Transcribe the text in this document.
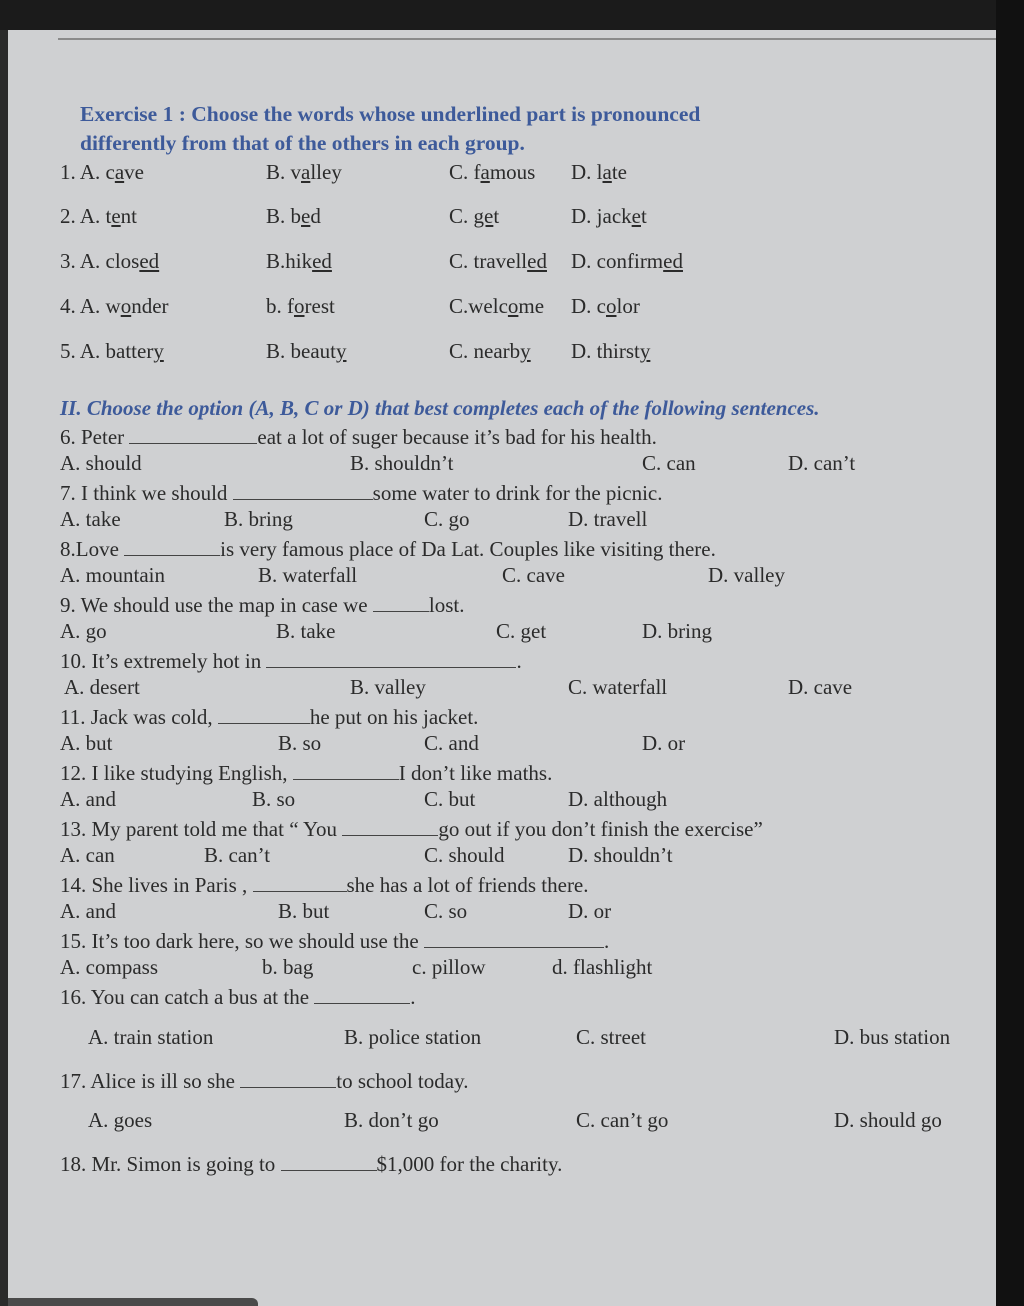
Exercise 1 : Choose the words whose underlined part is pronounced
differently from that of the others in each group.
1. A. cave	B. valley	C. famous D. late
2. A. tent	B. bed	C. get	D. jacket
3. A. closed	B.hiked	C. travelled D. confirmed
4. A. wonder	b. forest	C.welcome D. color
5. A. battery	B. beauty	C. nearby D. thirsty
II. Choose the option (A, B, C or D) that best completes each of the following sentences.
6. Peter	eat a lot of suger because it’s bad for his health.
A. should	B. shouldn’t	C. can	D. can’t
7. I think we should	some water to drink for the picnic.
A. take	B. bring	C. go	D. travell
8.Love	is very famous place of Da Lat. Couples like visiting there.
A. mountain	B. waterfall	C. cave	D. valley
9. We should use the map in case we	lost.
A. go	B. take	C. get	D. bring
10. It’s extremely hot in	.
A. desert	B. valley	C. waterfall	D. cave
11. Jack was cold,	he put on his jacket.
A. but	B. so	C. and	D. or
12. I like studying English,	I don’t like maths.
A. and	B. so	C. but	D. although
13. My parent told me that “ You	go out if you don’t finish the exercise”
A. can	B. can’t	C. should	D. shouldn’t
14. She lives in Paris ,	she has a lot of friends there.
A. and	B. but	C. so	D. or
15. It’s too dark here, so we should use the	.
A. compass	b. bag	c. pillow	d. flashlight
16. You can catch a bus at the	.
A. train station	B. police station	C. street	D. bus station
17. Alice is ill so she	to school today.
A. goes	B. don’t go	C. can’t go	D. should go
18. Mr. Simon is going to	$1,000 for the charity.
